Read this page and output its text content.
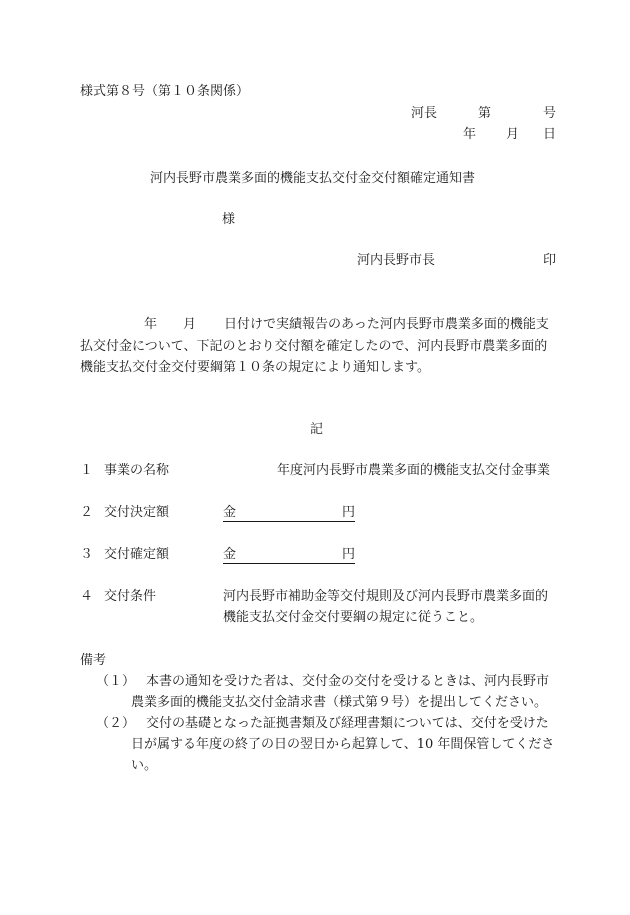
様式第８号（第１０条関係）
河長	第	号
年 月 日
河内長野市農業多面的機能支払交付金交付額確定通知書
様
河内長野市長	印
年 月 日付けで実績報告のあった河内長野市農業多面的機能支
払交付金について、下記のとおり交付額を確定したので、河内長野市農業多面的
機能支払交付金交付要綱第１０条の規定により通知します。
記
１ 事業の名称	年度河内長野市農業多面的機能支払交付金事業
２ 交付決定額	金	円
３ 交付確定額	金	円
４ 交付条件	河内長野市補助金等交付規則及び河内長野市農業多面的
機能支払交付金交付要綱の規定に従うこと。
備考
（１） 本書の通知を受けた者は、交付金の交付を受けるときは、河内長野市
農業多面的機能支払交付金請求書（様式第９号）を提出してください。
（２） 交付の基礎となった証拠書類及び経理書類については、交付を受けた
日が属する年度の終了の日の翌日から起算して、10 年間保管してくださ
い。
